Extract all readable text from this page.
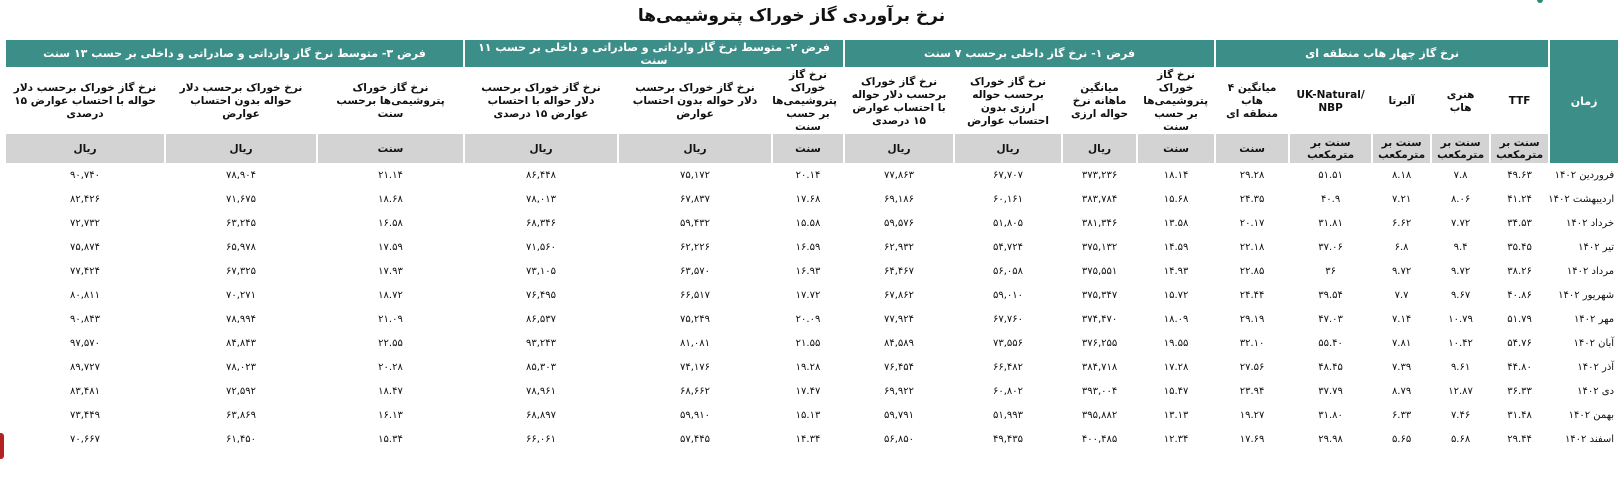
نرخ برآوردی گاز خوراک پتروشیمی‌ها
زمان	نرخ گاز چهار هاب منطقه ای					فرض ۱- نرخ گاز داخلی برحسب ۷ سنت				فرض ۲- متوسط نرخ گاز وارداتی و صادراتی و داخلی بر حسب ۱۱ سنت			فرض ۳- متوسط نرخ گاز وارداتی و صادراتی و داخلی بر حسب ۱۳ سنت		
	TTF	هنری هاب	آلبرتا	UK-Natural/ NBP	میانگین ۴ هاب منطقه ای	نرخ گاز خوراک پتروشیمی‌ها بر حسب سنت	میانگین ماهانه نرخ حواله ارزی	نرخ گاز خوراک برحسب حواله ارزی بدون احتساب عوارض	نرخ گاز خوراک برحسب دلار حواله با احتساب عوارض ۱۵ درصدی	نرخ گاز خوراک پتروشیمی‌ها بر حسب سنت	نرخ گاز خوراک برحسب دلار حواله بدون احتساب عوارض	نرخ گاز خوراک برحسب دلار حواله با احتساب عوارض ۱۵ درصدی	نرخ گاز خوراک پتروشیمی‌ها برحسب سنت	نرخ خوراک برحسب دلار حواله بدون احتساب عوارض	نرخ گاز خوراک برحسب دلار حواله با احتساب عوارض ۱۵ درصدی
	سنت بر مترمکعب	سنت بر مترمکعب	سنت بر مترمکعب	سنت بر مترمکعب	سنت	سنت	ریال	ریال	ریال	سنت	ریال	ریال	سنت	ریال	ریال
فروردین ۱۴۰۲	۴۹.۶۳	۷.۸	۸.۱۸	۵۱.۵۱	۲۹.۲۸	۱۸.۱۴	۳۷۳,۲۳۶	۶۷,۷۰۷	۷۷,۸۶۳	۲۰.۱۴	۷۵,۱۷۲	۸۶,۴۴۸	۲۱.۱۴	۷۸,۹۰۴	۹۰,۷۴۰
اردیبهشت ۱۴۰۲	۴۱.۲۴	۸.۰۶	۷.۲۱	۴۰.۹	۲۴.۳۵	۱۵.۶۸	۳۸۳,۷۸۴	۶۰,۱۶۱	۶۹,۱۸۶	۱۷.۶۸	۶۷,۸۳۷	۷۸,۰۱۳	۱۸.۶۸	۷۱,۶۷۵	۸۲,۴۲۶
خرداد ۱۴۰۲	۳۴.۵۳	۷.۷۲	۶.۶۲	۳۱.۸۱	۲۰.۱۷	۱۳.۵۸	۳۸۱,۳۴۶	۵۱,۸۰۵	۵۹,۵۷۶	۱۵.۵۸	۵۹,۴۳۲	۶۸,۳۴۶	۱۶.۵۸	۶۳,۲۴۵	۷۲,۷۳۲
تیر ۱۴۰۲	۳۵.۴۵	۹.۴	۶.۸	۳۷.۰۶	۲۲.۱۸	۱۴.۵۹	۳۷۵,۱۳۲	۵۴,۷۲۴	۶۲,۹۳۲	۱۶.۵۹	۶۲,۲۲۶	۷۱,۵۶۰	۱۷.۵۹	۶۵,۹۷۸	۷۵,۸۷۴
مرداد ۱۴۰۲	۳۸.۲۶	۹.۷۲	۹.۷۲	۳۶	۲۲.۸۵	۱۴.۹۳	۳۷۵,۵۵۱	۵۶,۰۵۸	۶۴,۴۶۷	۱۶.۹۳	۶۳,۵۷۰	۷۳,۱۰۵	۱۷.۹۳	۶۷,۳۲۵	۷۷,۴۲۴
شهریور ۱۴۰۲	۴۰.۸۶	۹.۶۷	۷.۷	۳۹.۵۴	۲۴.۴۴	۱۵.۷۲	۳۷۵,۳۴۷	۵۹,۰۱۰	۶۷,۸۶۲	۱۷.۷۲	۶۶,۵۱۷	۷۶,۴۹۵	۱۸.۷۲	۷۰,۲۷۱	۸۰,۸۱۱
مهر ۱۴۰۲	۵۱.۷۹	۱۰.۷۹	۷.۱۴	۴۷.۰۳	۲۹.۱۹	۱۸.۰۹	۳۷۴,۴۷۰	۶۷,۷۶۰	۷۷,۹۲۴	۲۰.۰۹	۷۵,۲۴۹	۸۶,۵۳۷	۲۱.۰۹	۷۸,۹۹۴	۹۰,۸۴۳
آبان ۱۴۰۲	۵۴.۷۶	۱۰.۴۲	۷.۸۱	۵۵.۴۰	۳۲.۱۰	۱۹.۵۵	۳۷۶,۲۵۵	۷۳,۵۵۶	۸۴,۵۸۹	۲۱.۵۵	۸۱,۰۸۱	۹۳,۲۴۳	۲۲.۵۵	۸۴,۸۴۳	۹۷,۵۷۰
آذر ۱۴۰۲	۴۴.۸۰	۹.۶۱	۷.۳۹	۴۸.۴۵	۲۷.۵۶	۱۷.۲۸	۳۸۴,۷۱۸	۶۶,۴۸۲	۷۶,۴۵۴	۱۹.۲۸	۷۴,۱۷۶	۸۵,۳۰۳	۲۰.۲۸	۷۸,۰۲۳	۸۹,۷۲۷
دی ۱۴۰۲	۳۶.۳۳	۱۲.۸۷	۸.۷۹	۳۷.۷۹	۲۳.۹۴	۱۵.۴۷	۳۹۳,۰۰۴	۶۰,۸۰۲	۶۹,۹۲۲	۱۷.۴۷	۶۸,۶۶۲	۷۸,۹۶۱	۱۸.۴۷	۷۲,۵۹۲	۸۳,۴۸۱
بهمن ۱۴۰۲	۳۱.۴۸	۷.۴۶	۶.۳۳	۳۱.۸۰	۱۹.۲۷	۱۳.۱۳	۳۹۵,۸۸۲	۵۱,۹۹۳	۵۹,۷۹۱	۱۵.۱۳	۵۹,۹۱۰	۶۸,۸۹۷	۱۶.۱۳	۶۳,۸۶۹	۷۳,۴۴۹
اسفند ۱۴۰۲	۲۹.۴۴	۵.۶۸	۵.۶۵	۲۹.۹۸	۱۷.۶۹	۱۲.۳۴	۴۰۰,۴۸۵	۴۹,۴۳۵	۵۶,۸۵۰	۱۴.۳۴	۵۷,۴۴۵	۶۶,۰۶۱	۱۵.۳۴	۶۱,۴۵۰	۷۰,۶۶۷
